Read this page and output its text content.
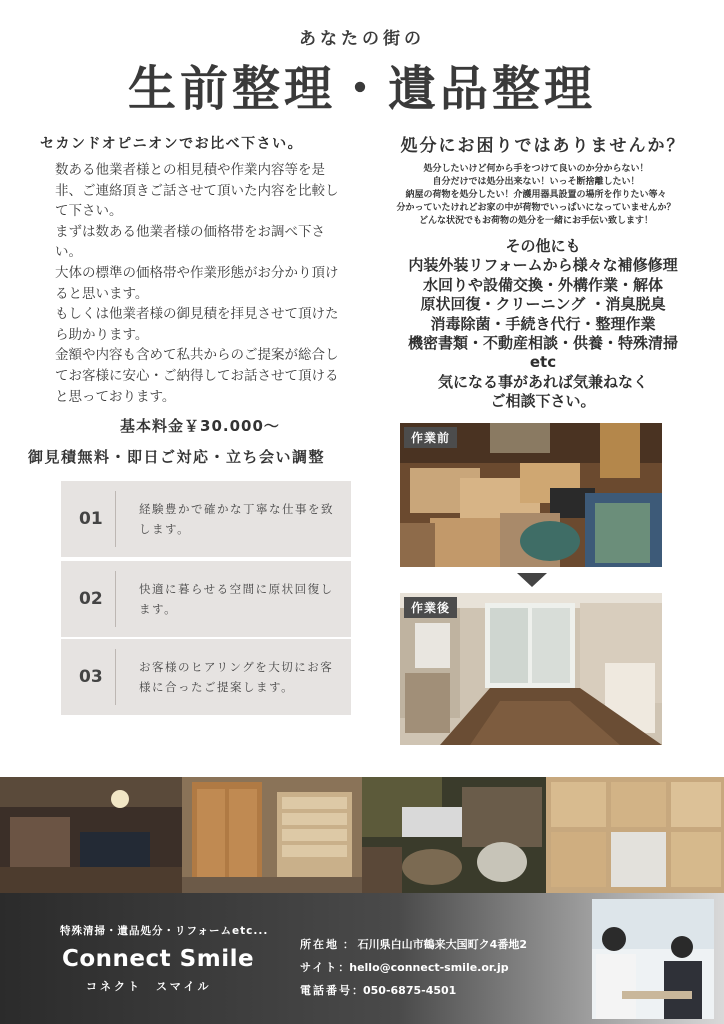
あなたの街の
生前整理・遺品整理
セカンドオピニオンでお比べ下さい。

数ある他業者様との相見積や作業内容等を是非、ご連絡頂きご話させて頂いた内容を比較して下さい。

まずは数ある他業者様の価格帯をお調べ下さい。

大体の標準の価格帯や作業形態がお分かり頂けると思います。

もしくは他業者様の御見積を拝見させて頂けたら助かります。

金額や内容も含めて私共からのご提案が総合してお客様に安心・ご納得してお話させて頂けると思っております。

基本料金￥30.000～
御見積無料・即日ご対応・立ち会い調整
01	経験豊かで確かな丁寧な仕事を致します。
02	快適に暮らせる空間に原状回復します。
03	お客様のヒアリングを大切にお客様に合ったご提案します。
処分にお困りではありませんか？
処分したいけど何から手をつけて良いのか分からない！
自分だけでは処分出来ない！いっそ断捨離したい！
納屋の荷物を処分したい！介護用器具設置の場所を作りたい等々
分かっていたけれどお家の中が荷物でいっぱいになっていませんか？
どんな状況でもお荷物の処分を一緒にお手伝い致します！
その他にも
内装外装リフォームから様々な補修修理
水回りや設備交換・外構作業・解体
原状回復・クリーニング ・消臭脱臭
消毒除菌・手続き代行・整理作業
機密書類・不動産相談・供養・特殊清掃
etc
気になる事があれば気兼ねなく
ご相談下さい。
作業前
作業後
特殊清掃・遺品処分・リフォームetc...
Connect Smile
コネクト　スマイル
所在地 ： 石川県白山市鶴来大国町ク4番地2
サイト：hello@connect-smile.or.jp
電話番号：050-6875-4501
